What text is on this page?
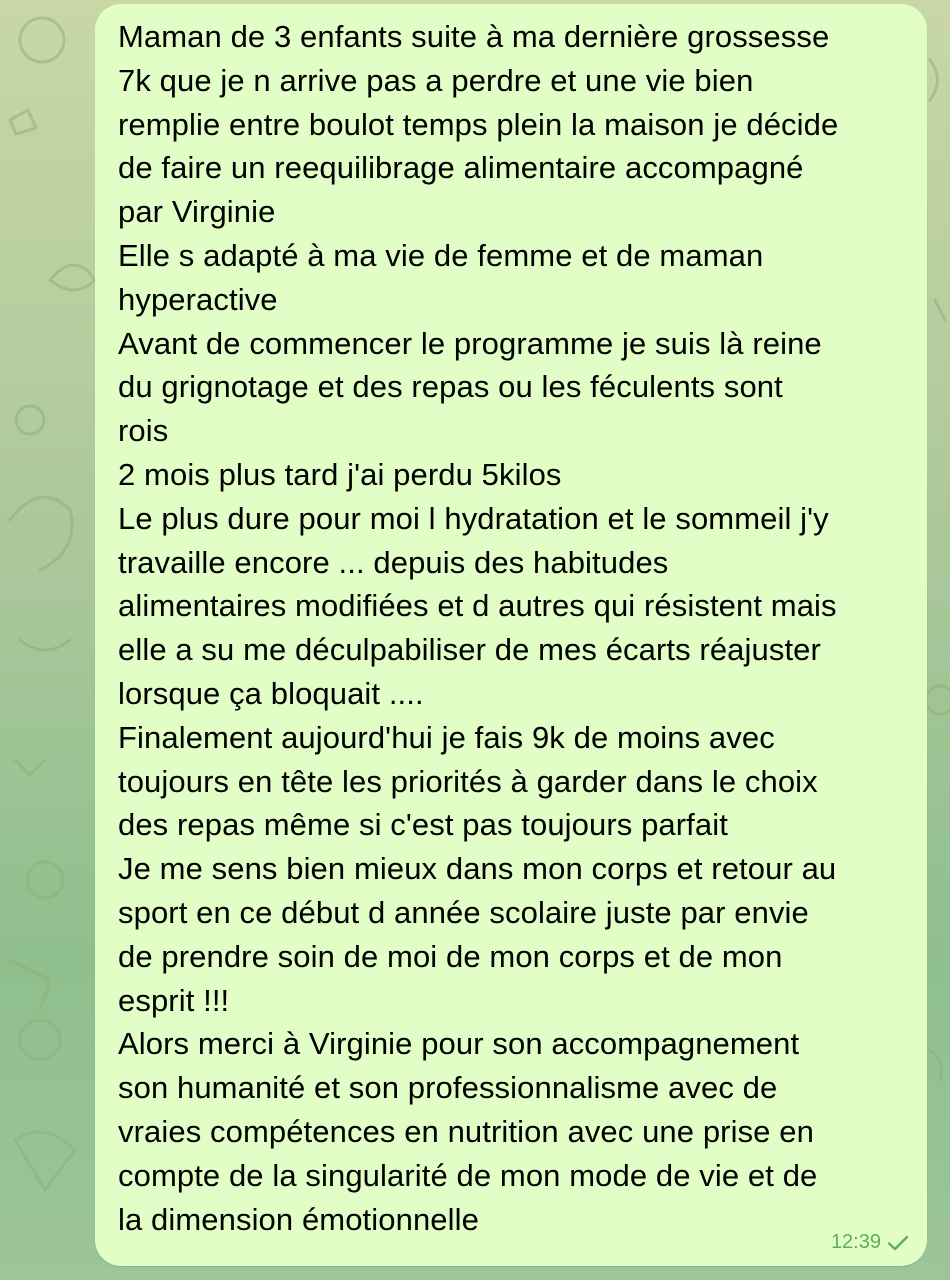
Maman de 3 enfants suite à ma dernière grossesse
7k que je n arrive pas a perdre et une vie bien
remplie entre boulot temps plein la maison je décide
de faire un reequilibrage alimentaire accompagné
par Virginie
Elle s adapté à ma vie de femme et de maman
hyperactive
Avant de commencer le programme je suis là reine
du grignotage et des repas ou les féculents sont
rois
2 mois plus tard j'ai perdu 5kilos
Le plus dure pour moi l hydratation et le sommeil j'y
travaille encore ... depuis des habitudes
alimentaires modifiées et d autres qui résistent mais
elle a su me déculpabiliser de mes écarts réajuster
lorsque ça bloquait ....
Finalement aujourd'hui je fais 9k de moins avec
toujours en tête les priorités à garder dans le choix
des repas même si c'est pas toujours parfait
Je me sens bien mieux dans mon corps et retour au
sport en ce début d année scolaire juste par envie
de prendre soin de moi de mon corps et de mon
esprit !!!
Alors merci à Virginie pour son accompagnement
son humanité et son professionnalisme avec de
vraies compétences en nutrition avec une prise en
compte de la singularité de mon mode de vie et de
la dimension émotionnelle

12:39
